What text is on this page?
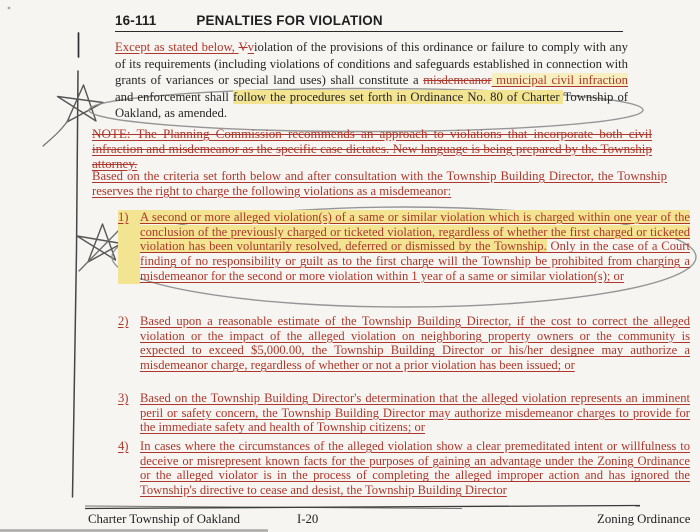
16-111	PENALTIES FOR VIOLATION

Except as stated below, Vviolation of the provisions of this ordinance or failure to comply with any of its requirements (including violations of conditions and safeguards established in connection with grants of variances or special land uses) shall constitute a misdemeanor municipal civil infraction and enforcement shall follow the procedures set forth in Ordinance No. 80 of Charter Township of Oakland, as amended.

NOTE: The Planning Commission recommends an approach to violations that incorporate both civil infraction and misdemeanor as the specific case dictates. New language is being prepared by the Township attorney.

Based on the criteria set forth below and after consultation with the Township Building Director, the Township reserves the right to charge the following violations as a misdemeanor:

1) A second or more alleged violation(s) of a same or similar violation which is charged within one year of the conclusion of the previously charged or ticketed violation, regardless of whether the first charged or ticketed violation has been voluntarily resolved, deferred or dismissed by the Township. Only in the case of a Court finding of no responsibility or guilt as to the first charge will the Township be prohibited from charging a misdemeanor for the second or more violation within 1 year of a same or similar violation(s); or

2) Based upon a reasonable estimate of the Township Building Director, if the cost to correct the alleged violation or the impact of the alleged violation on neighboring property owners or the community is expected to exceed $5,000.00, the Township Building Director or his/her designee may authorize a misdemeanor charge, regardless of whether or not a prior violation has been issued; or

3) Based on the Township Building Director's determination that the alleged violation represents an imminent peril or safety concern, the Township Building Director may authorize misdemeanor charges to provide for the immediate safety and health of Township citizens; or

4) In cases where the circumstances of the alleged violation show a clear premeditated intent or willfulness to deceive or misrepresent known facts for the purposes of gaining an advantage under the Zoning Ordinance or the alleged violator is in the process of completing the alleged improper action and has ignored the Township's directive to cease and desist, the Township Building Director

Charter Township of Oakland	I-20	Zoning Ordinance
